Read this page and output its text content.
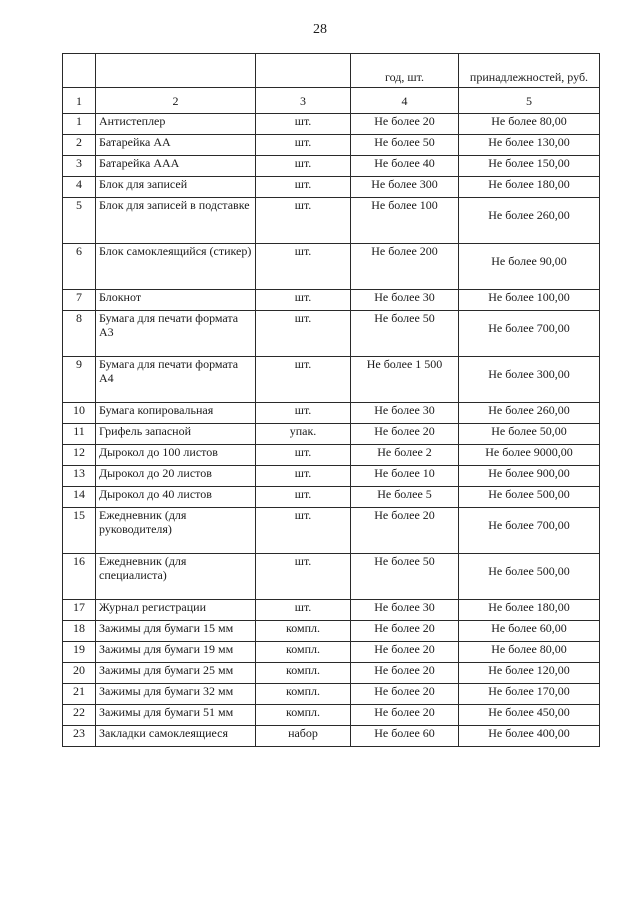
28
			год, шт.	принадлежностей, руб.
1	2	3	4	5
1	Антистеплер	шт.	Не более 20	Не более 80,00
2	Батарейка АА	шт.	Не более 50	Не более 130,00
3	Батарейка ААА	шт.	Не более 40	Не более 150,00
4	Блок для записей	шт.	Не более 300	Не более 180,00
5	Блок для записей в подставке	шт.	Не более 100	Не более 260,00
6	Блок самоклеящийся (стикер)	шт.	Не более 200	Не более 90,00
7	Блокнот	шт.	Не более 30	Не более 100,00
8	Бумага для печати формата А3	шт.	Не более 50	Не более 700,00
9	Бумага для печати формата А4	шт.	Не более 1 500	Не более 300,00
10	Бумага копировальная	шт.	Не более 30	Не более 260,00
11	Грифель запасной	упак.	Не более 20	Не более 50,00
12	Дырокол до 100 листов	шт.	Не более 2	Не более 9000,00
13	Дырокол до 20 листов	шт.	Не более 10	Не более 900,00
14	Дырокол до 40 листов	шт.	Не более 5	Не более 500,00
15	Ежедневник (для руководителя)	шт.	Не более 20	Не более 700,00
16	Ежедневник (для специалиста)	шт.	Не более 50	Не более 500,00
17	Журнал регистрации	шт.	Не более 30	Не более 180,00
18	Зажимы для бумаги 15 мм	компл.	Не более 20	Не более 60,00
19	Зажимы для бумаги 19 мм	компл.	Не более 20	Не более 80,00
20	Зажимы для бумаги 25 мм	компл.	Не более 20	Не более 120,00
21	Зажимы для бумаги 32 мм	компл.	Не более 20	Не более 170,00
22	Зажимы для бумаги 51 мм	компл.	Не более 20	Не более 450,00
23	Закладки самоклеящиеся	набор	Не более 60	Не более 400,00
